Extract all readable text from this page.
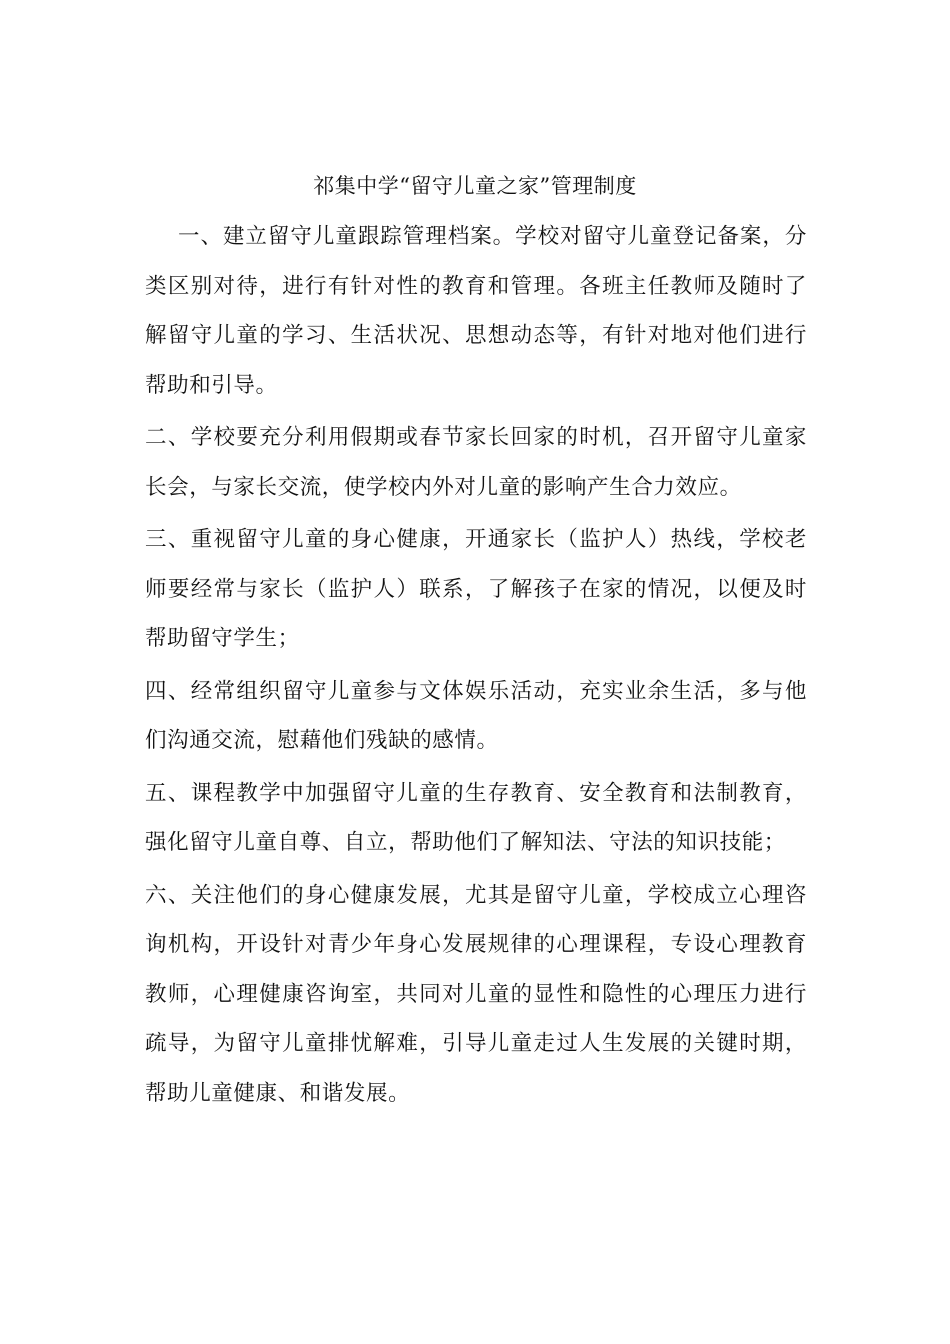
祁集中学“留守儿童之家”管理制度

一、建立留守儿童跟踪管理档案。学校对留守儿童登记备案，分类区别对待，进行有针对性的教育和管理。各班主任教师及随时了解留守儿童的学习、生活状况、思想动态等，有针对地对他们进行帮助和引导。

二、学校要充分利用假期或春节家长回家的时机，召开留守儿童家长会，与家长交流，使学校内外对儿童的影响产生合力效应。

三、重视留守儿童的身心健康，开通家长（监护人）热线，学校老师要经常与家长（监护人）联系，了解孩子在家的情况，以便及时帮助留守学生；

四、经常组织留守儿童参与文体娱乐活动，充实业余生活，多与他们沟通交流，慰藉他们残缺的感情。

五、课程教学中加强留守儿童的生存教育、安全教育和法制教育，强化留守儿童自尊、自立，帮助他们了解知法、守法的知识技能；

六、关注他们的身心健康发展，尤其是留守儿童，学校成立心理咨询机构，开设针对青少年身心发展规律的心理课程，专设心理教育教师，心理健康咨询室，共同对儿童的显性和隐性的心理压力进行疏导，为留守儿童排忧解难，引导儿童走过人生发展的关键时期，帮助儿童健康、和谐发展。
